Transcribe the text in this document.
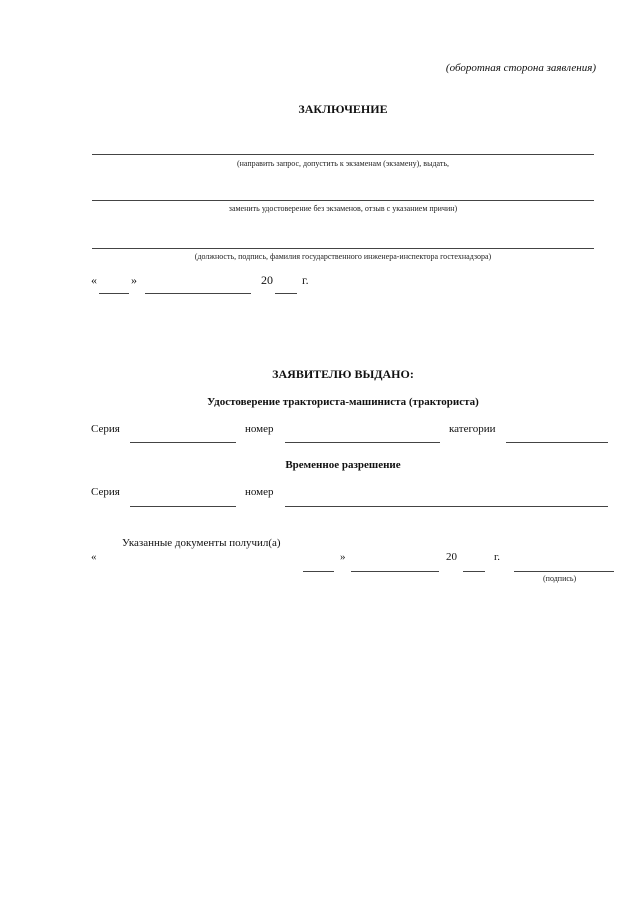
(оборотная сторона заявления)
ЗАКЛЮЧЕНИЕ
(направить запрос, допустить к экзаменам (экзамену), выдать,
заменить удостоверение без экзаменов, отзыв с указанием причин)
(должность, подпись, фамилия государственного инженера-инспектора гостехнадзора)
«	»	20 г.
ЗАЯВИТЕЛЮ ВЫДАНО:
Удостоверение тракториста-машиниста (тракториста)
Серия	номер	категории
Временное разрешение
Серия	номер
Указанные документы получил(а)
«	»	20	г.
(подпись)
